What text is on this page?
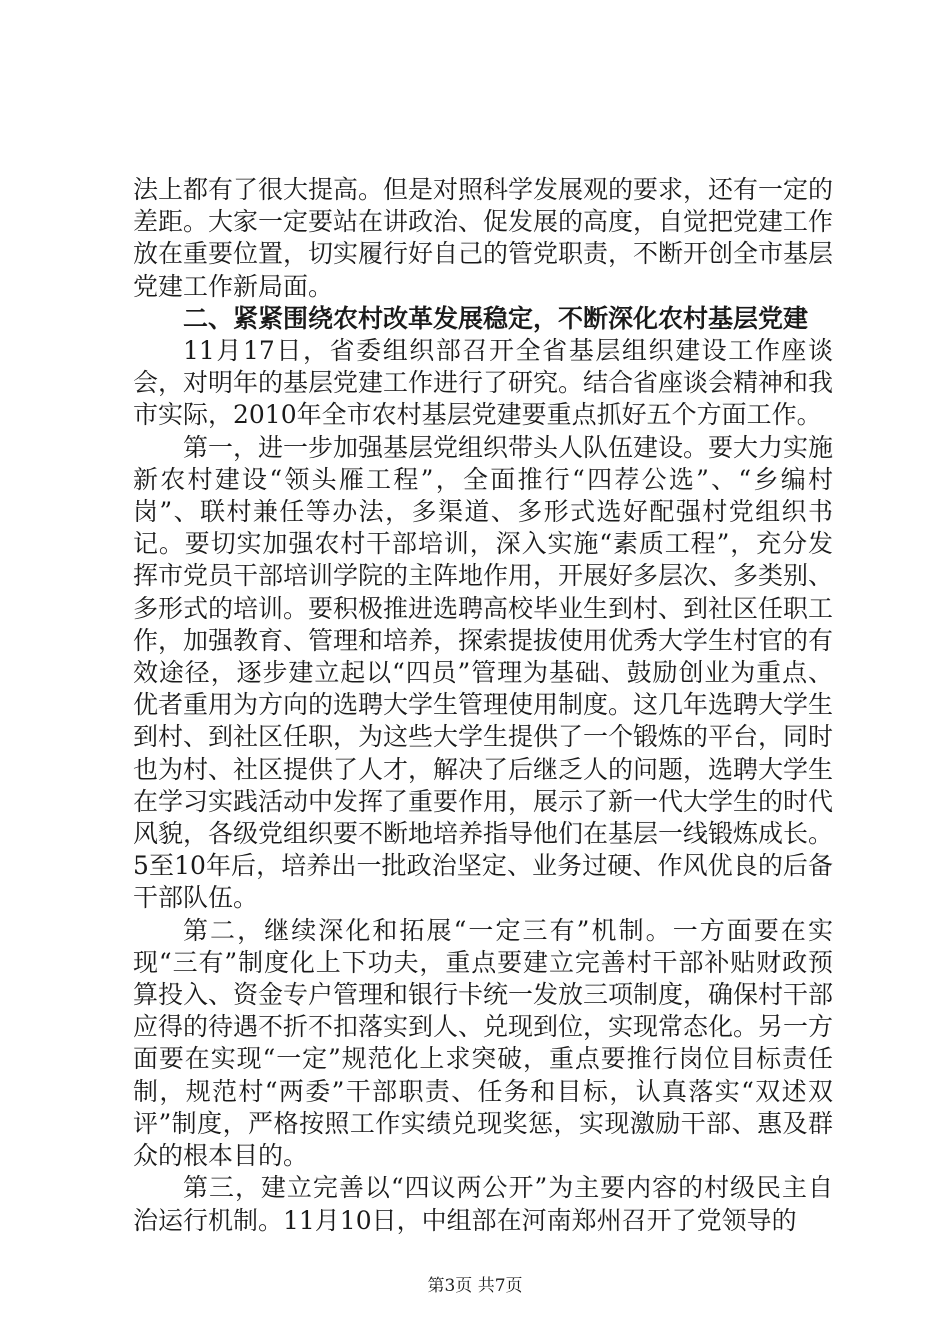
法上都有了很大提高。但是对照科学发展观的要求，还有一定的差距。大家一定要站在讲政治、促发展的高度，自觉把党建工作放在重要位置，切实履行好自己的管党职责，不断开创全市基层党建工作新局面。

二、紧紧围绕农村改革发展稳定，不断深化农村基层党建

11月17日，省委组织部召开全省基层组织建设工作座谈会，对明年的基层党建工作进行了研究。结合省座谈会精神和我市实际，2010年全市农村基层党建要重点抓好五个方面工作。

第一，进一步加强基层党组织带头人队伍建设。要大力实施新农村建设“领头雁工程”，全面推行“四荐公选”、“乡编村岗”、联村兼任等办法，多渠道、多形式选好配强村党组织书记。要切实加强农村干部培训，深入实施“素质工程”，充分发挥市党员干部培训学院的主阵地作用，开展好多层次、多类别、多形式的培训。要积极推进选聘高校毕业生到村、到社区任职工作，加强教育、管理和培养，探索提拔使用优秀大学生村官的有效途径，逐步建立起以“四员”管理为基础、鼓励创业为重点、优者重用为方向的选聘大学生管理使用制度。这几年选聘大学生到村、到社区任职，为这些大学生提供了一个锻炼的平台，同时也为村、社区提供了人才，解决了后继乏人的问题，选聘大学生在学习实践活动中发挥了重要作用，展示了新一代大学生的时代风貌，各级党组织要不断地培养指导他们在基层一线锻炼成长。5至10年后，培养出一批政治坚定、业务过硬、作风优良的后备干部队伍。

第二，继续深化和拓展“一定三有”机制。一方面要在实现“三有”制度化上下功夫，重点要建立完善村干部补贴财政预算投入、资金专户管理和银行卡统一发放三项制度，确保村干部应得的待遇不折不扣落实到人、兑现到位，实现常态化。另一方面要在实现“一定”规范化上求突破，重点要推行岗位目标责任制，规范村“两委”干部职责、任务和目标，认真落实“双述双评”制度，严格按照工作实绩兑现奖惩，实现激励干部、惠及群众的根本目的。

第三，建立完善以“四议两公开”为主要内容的村级民主自治运行机制。11月10日，中组部在河南郑州召开了党领导的

第3页 共7页
